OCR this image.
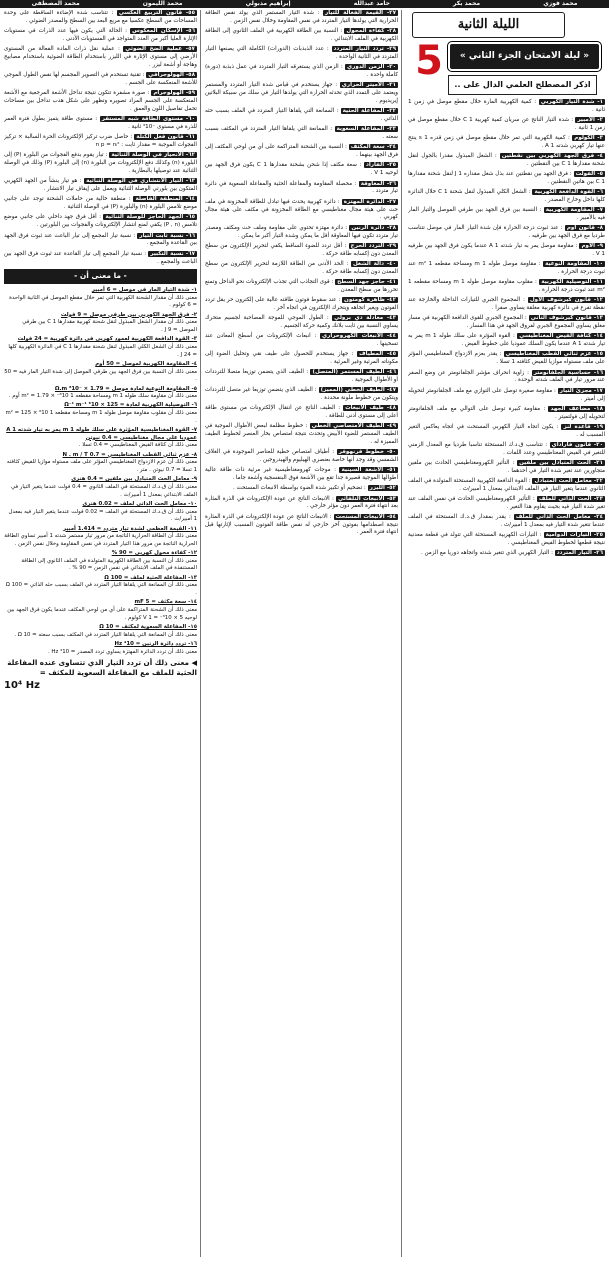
محمد فوزي
محمد بكر
حامد عبدالله
إبراهيم مدبولي
محمد الليمون
محمد المصطفى
الليلة الثانية
« ليلة الامتحان الجزء الثاني »
اذكر المصطلح العلمي الدال على ..
5
١- شدة التيار الكهربي : كمية الكهربية المارة خلال مقطع موصل في زمن 1 ثانية .
٢- الأمبير : شدة التيار الناتج عن سريان كمية كهربية C 1 خلال مقطع موصل في زمن 1 ثانية .
٣- الكولوم : كمية الكهربية التي تمر خلال مقطع موصل في زمن قدره 1 s ينتج عنها تيار كهربي شدته A 1 .
٤- فرق الجهد الكهربي بين نقطتين : الشغل المبذول مقدرا بالجول لنقل شحنة مقدارها C 1 بين النقطتين .
٥- الفولت : فرق الجهد بين نقطتين عند بذل شغل مقداره J 1 لنقل شحنة مقدارها C 1 بين هاتين النقطتين .
٦- القوة الدافعة الكهربية : الشغل الكلي المبذول لنقل شحنة C 1 خلال الدائرة كلها داخل وخارج المصدر .
٧- المقاومة الكهربية : النسبة بين فرق الجهد بين طرفي الموصل والتيار المار فيه بالأمبير .
٨- قانون أوم : عند ثبوت درجة الحرارة فإن شدة التيار المار في موصل تتناسب طرديا مع فرق الجهد بين طرفيه .
٩- الأوم : مقاومة موصل يمر به تيار شدته A 1 عندما يكون فرق الجهد بين طرفيه V 1 .
١٠- المقاومة النوعية : مقاومة موصل طوله m 1 ومساحة مقطعه 1 m² عند ثبوت درجة الحرارة .
١١- التوصيلية الكهربية : مقلوب مقاومة موصل طوله m 1 ومساحة مقطعه 1 m² عند ثبوت درجة الحرارة .
١٢- قانون كيرشوف الأول : المجموع الجبري للتيارات الداخلة والخارجة عند نقطة تفرع في دائرة كهربية مغلقة يساوي صفرا .
١٣- قانون كيرشوف الثاني : المجموع الجبري للقوى الدافعة الكهربية في مسار مغلق يساوي المجموع الجبري لفروق الجهد في هذا المسار .
١٤- كثافة الفيض المغناطيسي : القوة المؤثرة على سلك طوله m 1 يمر به تيار شدته A 1 عندما يكون السلك عموديا على خطوط الفيض .
١٥- عزم ثنائي القطب المغناطيسي : يقدر بعزم الازدواج المغناطيسي المؤثر على ملف مستواه موازيا للفيض كثافته 1 تسلا .
١٦- حساسية الجلفانومتر : زاوية انحراف مؤشر الجلفانومتر عن وضع الصفر عند مرور تيار في الملف شدته الوحدة .
١٧- مجزئ التيار : مقاومة صغيرة توصل على التوازي مع ملف الجلفانومتر لتحويله إلى أميتر .
١٨- مضاعف الجهد : مقاومة كبيرة توصل على التوالي مع ملف الجلفانومتر لتحويله إلى فولتميتر .
١٩- قاعدة لنز : يكون اتجاه التيار الكهربي المستحث في اتجاه يعاكس التغير المسبب له .
٢٠- قانون فاراداي : تتناسب ق.د.ك المستحثة تناسبا طرديا مع المعدل الزمني للتغير في الفيض المغناطيسي وعدد اللفات .
٢١- الحث المتبادل بين ملفين : التأثير الكهرومغناطيسي الحادث بين ملفين متجاورين عند تغير شدة التيار في أحدهما .
٢٢- معامل الحث المتبادل : القوة الدافعة الكهربية المستحثة المتولدة في الملف الثانوي عندما يتغير التيار في الملف الابتدائي بمعدل 1 أمبير/ث .
٢٣- الحث الذاتي للملف : التأثير الكهرومغناطيسي الحادث في نفس الملف عند تغير شدة التيار فيه بحيث يقاوم هذا التغير .
٢٤- معامل الحث الذاتي للملف : يقدر بمقدار ق.د.ك المستحثة في الملف عندما تتغير شدة التيار فيه بمعدل 1 أمبير/ث .
٢٥- التيارات الدوامية : التيارات الكهربية المستحثة التي تتولد في قطعة معدنية نتيجة قطعها لخطوط الفيض المغناطيسي .
٢٦- التيار المتردد : التيار الكهربي الذي تتغير شدته واتجاهه دوريا مع الزمن .
٢٧- القيمة الفعالة للتيار : شدة التيار المستمر الذي يولد نفس الطاقة الحرارية التي يولدها التيار المتردد في نفس المقاومة وخلال نفس الزمن .
٢٨- كفاءة المحول : النسبة بين الطاقة الكهربية في الملف الثانوي إلى الطاقة الكهربية في الملف الابتدائي .
٢٩- تردد التيار المتردد : عدد الذبذبات (الدورات) الكاملة التي يصنعها التيار المتردد في الثانية الواحدة .
٣٠- الزمن الدوري : الزمن الذي يستغرقه التيار المتردد في عمل ذبذبة (دورة) كاملة واحدة .
٣١- الأميتر الحراري : جهاز يستخدم في قياس شدة التيار المتردد والمستمر ويعتمد على التمدد الذي تحدثه الحرارة التي يولدها التيار في سلك من سبيكة البلاتين إيريديوم .
٣٢- المفاعلة الحثية : الممانعة التي يلقاها التيار المتردد في الملف بسبب حثه الذاتي .
٣٣- المفاعلة السعوية : الممانعة التي يلقاها التيار المتردد في المكثف بسبب سعته .
٣٤- سعة المكثف : النسبة بين الشحنة المتراكمة على أي من لوحي المكثف إلى فرق الجهد بينهما .
٣٥- الفاراد : سعة مكثف إذا شحن بشحنة مقدارها C 1 يكون فرق الجهد بين لوحيه V 1 .
٣٦- المعاوقة : محصلة المقاومة والمفاعلة الحثية والمفاعلة السعوية في دائرة تيار متردد .
٣٧- الدائرة المهتزة : دائرة كهربية يحدث فيها تبادل للطاقة المخزونة في ملف حث على هيئة مجال مغناطيسي مع الطاقة المخزونة في مكثف على هيئة مجال كهربي .
٣٨- دائرة الرنين : دائرة مهتزة تحتوي على مقاومة وملف حث ومكثف ومصدر تيار متردد تكون فيها المعاوقة أقل ما يمكن وشدة التيار أكبر ما يمكن .
٣٩- التردد الحرج : أقل تردد للضوء الساقط يكفي لتحرير الإلكترون من سطح المعدن دون إكسابه طاقة حركة .
٤٠- دالة الشغل : الحد الأدنى من الطاقة اللازمة لتحرير الإلكترون من سطح المعدن دون إكسابه طاقة حركة .
٤١- حاجز جهد السطح : قوى التجاذب التي تجذب الإلكترونات نحو الداخل وتمنع تحررها من سطح المعدن .
٤٢- ظاهرة كومتون : عند سقوط فوتون طاقته عالية على إلكترون حر يقل تردد الفوتون ويغير اتجاهه ويتحرك الإلكترون في اتجاه آخر .
٤٣- معادلة دي برولي : الطول الموجي للموجة المصاحبة لجسيم متحرك يساوي النسبة بين ثابت بلانك وكمية حركة الجسيم .
٤٤- الانبعاث الكهروحراري : انبعاث الإلكترونات من أسطح المعادن عند تسخينها .
٤٥- المطياف : جهاز يستخدم للحصول على طيف نقي وتحليل الضوء إلى مكوناته المرئية وغير المرئية .
٤٦- الطيف المستمر (المتصل) : الطيف الذي يتضمن توزيعا متصلا للترددات أو الأطوال الموجية .
٤٧- الطيف الخطي (المميز) : الطيف الذي يتضمن توزيعا غير متصل للترددات ويتكون من خطوط ملونة محددة .
٤٨- طيف الانبعاث : الطيف الناتج عن انتقال الإلكترونات من مستوى طاقة أعلى إلى مستوى أدنى للطاقة .
٤٩- الطيف الامتصاصي الخطي : خطوط مظلمة لبعض الأطوال الموجية في الطيف المستمر للضوء الأبيض وتحدث نتيجة امتصاص بخار العنصر لخطوط الطيف المميزة له .
٥٠- خطوط فرنهوفر : أطياف امتصاص خطية للعناصر الموجودة في الغلاف الشمسي وقد وجد أنها خاصة بعنصري الهيليوم والهيدروجين .
٥١- الأشعة السينية : موجات كهرومغناطيسية غير مرئية ذات طاقة عالية أطوالها الموجية قصيرة جدا تقع بين الأشعة فوق البنفسجية وأشعة جاما .
٥٢- الليزر : تضخيم أو تكبير شدة الضوء بواسطة الانبعاث المستحث .
٥٣- الانبعاث التلقائي : الانبعاث الناتج عن عودة الإلكترونات في الذرة المثارة بعد انتهاء فترة العمر دون مؤثر خارجي .
٥٤- الانبعاث المستحث : الانبعاث الناتج عن عودة الإلكترونات في الذرة المثارة نتيجة اصطدامها بفوتون آخر خارجي له نفس طاقة الفوتون المسبب لإثارتها قبل انتهاء فترة العمر .
٥٥- قانون التربيع العكسي : تتناسب شدة الإضاءة الساقطة على وحدة المساحات من السطح عكسيا مع مربع البعد بين السطح والمصدر الضوئي .
٥٦- الإسكان المعكوس : الحالة التي يكون فيها عدد الذرات في مستويات الإثارة العليا أكبر من العدد المتواجد في المستويات الأدنى .
٥٧- عملية الضخ الضوئي : عملية نقل ذرات المادة الفعالة من المستوى الأرضي إلى مستوى الإثارة في الليزر باستخدام الطاقة الضوئية باستخدام مصابيح وهاجة أو أشعة ليزر .
٥٨- الهولوجرافي : تقنية تستخدم في التصوير المجسم لها نفس الطول الموجي للأشعة المنعكسة على الجسم .
٥٩- الهولوجرام : صورة مشفرة تتكون نتيجة تداخل الأشعة المرجعية مع الأشعة المنعكسة على الجسم المراد تصويره وتظهر على شكل هدب تداخل بين مساحات تحمل تفاصيل اللون والعمق .
٦٠- مستوى الطاقة شبه المستقر : مستوى طاقة يتميز بطول فترة العمر للذرة في مستوى ⁻³10 ثانية .
٦١- قانون فعل الكتلة : حاصل ضرب تركيز الإلكترونات الحرة السالبة × تركيز الفجوات الموجبة = مقدار ثابت : n p = nᵢ²
٦٢- الانحياز في الوصلة الثنائية : تيار يقوم بدفع الفجوات من البلورة (P) إلى البلورة (n) وكذلك دفع الإلكترونات من البلورة (n) إلى البلورة (P) وذلك في الوصلة الثنائية عند توصيلها بالبطارية .
٦٣- التيار الانتشاري في الوصلة الثنائية : هو تيار ينشأ من الجهد الكهربي المتكون بين بلورتي الوصلة الثنائية ويعمل على إيقاف تيار الانتشار .
٦٤- المنطقة الفاصلة : منطقة خالية من حاملات الشحنة توجد على جانبي موضع تلامس البلورة (n) والبلورة (P) في الوصلة الثنائية .
٦٥- الجهد الحاجز للوصلة الثنائية : أقل فرق جهد داخلي على جانبي موضع تلامس (P , n) يكفي لمنع انتشار الإلكترونات والفجوات بين البلورتين .
٦٦- نسبة ثابت التيار : نسبة تيار المجمع إلى تيار الباعث عند ثبوت فرق الجهد بين القاعدة والمجمع .
٦٧- نسبة التكبير : نسبة تيار المجمع إلى تيار القاعدة عند ثبوت فرق الجهد بين الباعث والمجمع .
- ما معنى أن -
١- شدة التيار المار في موصل = 6 أمبير
معنى ذلك أن مقدار الشحنة الكهربية التي تمر خلال مقطع الموصل في الثانية الواحدة = 6 كولوم .
٢- فرق الجهد الكهربي بين طرفي موصل = 9 فولت
معنى ذلك أن مقدار الشغل المبذول لنقل شحنة كهربية مقدارها C 1 بين طرفي الموصل = J 9 .
٣- القوة الدافعة الكهربية لعمود كهربي في دائرة كهربية = 24 فولت
معنى ذلك أن الشغل الكلي المبذول لنقل شحنة مقدارها C 1 في الدائرة الكهربية كلها = J 24 .
٤- المقاومة الكهربية لموصل = 50 أوم
معنى ذلك أن النسبة بين فرق الجهد بين طرفي الموصل إلى شدة التيار المار فيه = 50 .
٥- المقاومة النوعية لمادة موصل = 1.79 × ⁻⁸10 Ω.m
معنى ذلك أن مقاومة سلك طوله m 1 ومساحة مقطعه 1 m² = 1.79 × ⁻⁸10 أوم .
٦- التوصيلية الكهربية لمادة = 125 × ⁶10 Ω⁻¹ m⁻¹
معنى ذلك أن مقلوب مقاومة موصل طوله m 1 ومساحة مقطعه 1 m² = 125 × ⁶10 .
٧- القوة المغناطيسية المؤثرة على سلك طوله m 1 يمر به تيار شدته A 1 عموديا على مجال مغناطيسي = 0.4 نيوتن
معنى ذلك أن كثافة الفيض المغناطيسي = 0.4 تسلا .
٨- عزم ثنائي القطب المغناطيسي = 0.7 N . m / T
معنى ذلك أن عزم الازدواج المغناطيسي المؤثر على ملف مستواه موازيا للفيض كثافته 1 تسلا = 0.7 نيوتن . متر .
٩- معامل الحث المتبادل بين ملفين = 0.4 هنري
معنى ذلك أن ق.د.ك المستحثة في الملف الثانوي = 0.4 فولت عندما يتغير التيار في الملف الابتدائي بمعدل 1 أمبير/ث .
١٠- معامل الحث الذاتي لملف = 0.02 هنري
معنى ذلك أن ق.د.ك المستحثة في الملف = 0.02 فولت عندما يتغير التيار فيه بمعدل 1 أمبير/ث .
١١- القيمة العظمى لشدة تيار متردد = 1.414 أمبير
معنى ذلك أن الطاقة الحرارية الناتجة من مرور تيار مستمر شدته 1 أمبير تساوي الطاقة الحرارية الناتجة من مرور هذا التيار المتردد في نفس المقاومة وخلال نفس الزمن .
١٢- كفاءة محول كهربي = 90 %
معنى ذلك أن النسبة بين الطاقة الكهربية المتولدة في الملف الثانوي إلى الطاقة المستنفذة في الملف الابتدائي في نفس الزمن = 90 % .
١٣- المفاعلة الحثية لملف = 100 Ω
معنى ذلك أن الممانعة التي يلقاها التيار المتردد في الملف بسبب حثه الذاتي = 100 Ω .
١٤- سعة مكثف = 5 mF
معنى ذلك أن الشحنة المتراكمة على أي من لوحي المكثف عندما يكون فرق الجهد بين لوحيه V 1 = ⁻³10 × 5 كولوم .
١٥- المفاعلة السعوية لمكثف = 10 Ω
معنى ذلك أن الممانعة التي يلقاها التيار المتردد في المكثف بسبب سعته = 10 Ω .
١٦- تردد دائرة الرنين = ⁴10 Hz
معنى ذلك أن تردد الدائرة المهتزة يساوي تردد المصدر = ⁴10 Hz .
◀ معنى ذلك أن تردد التيار الذي تتساوى عنده المفاعلة الحثية للملف مع المفاعلة السعوية للمكثف =
10⁴ Hz
